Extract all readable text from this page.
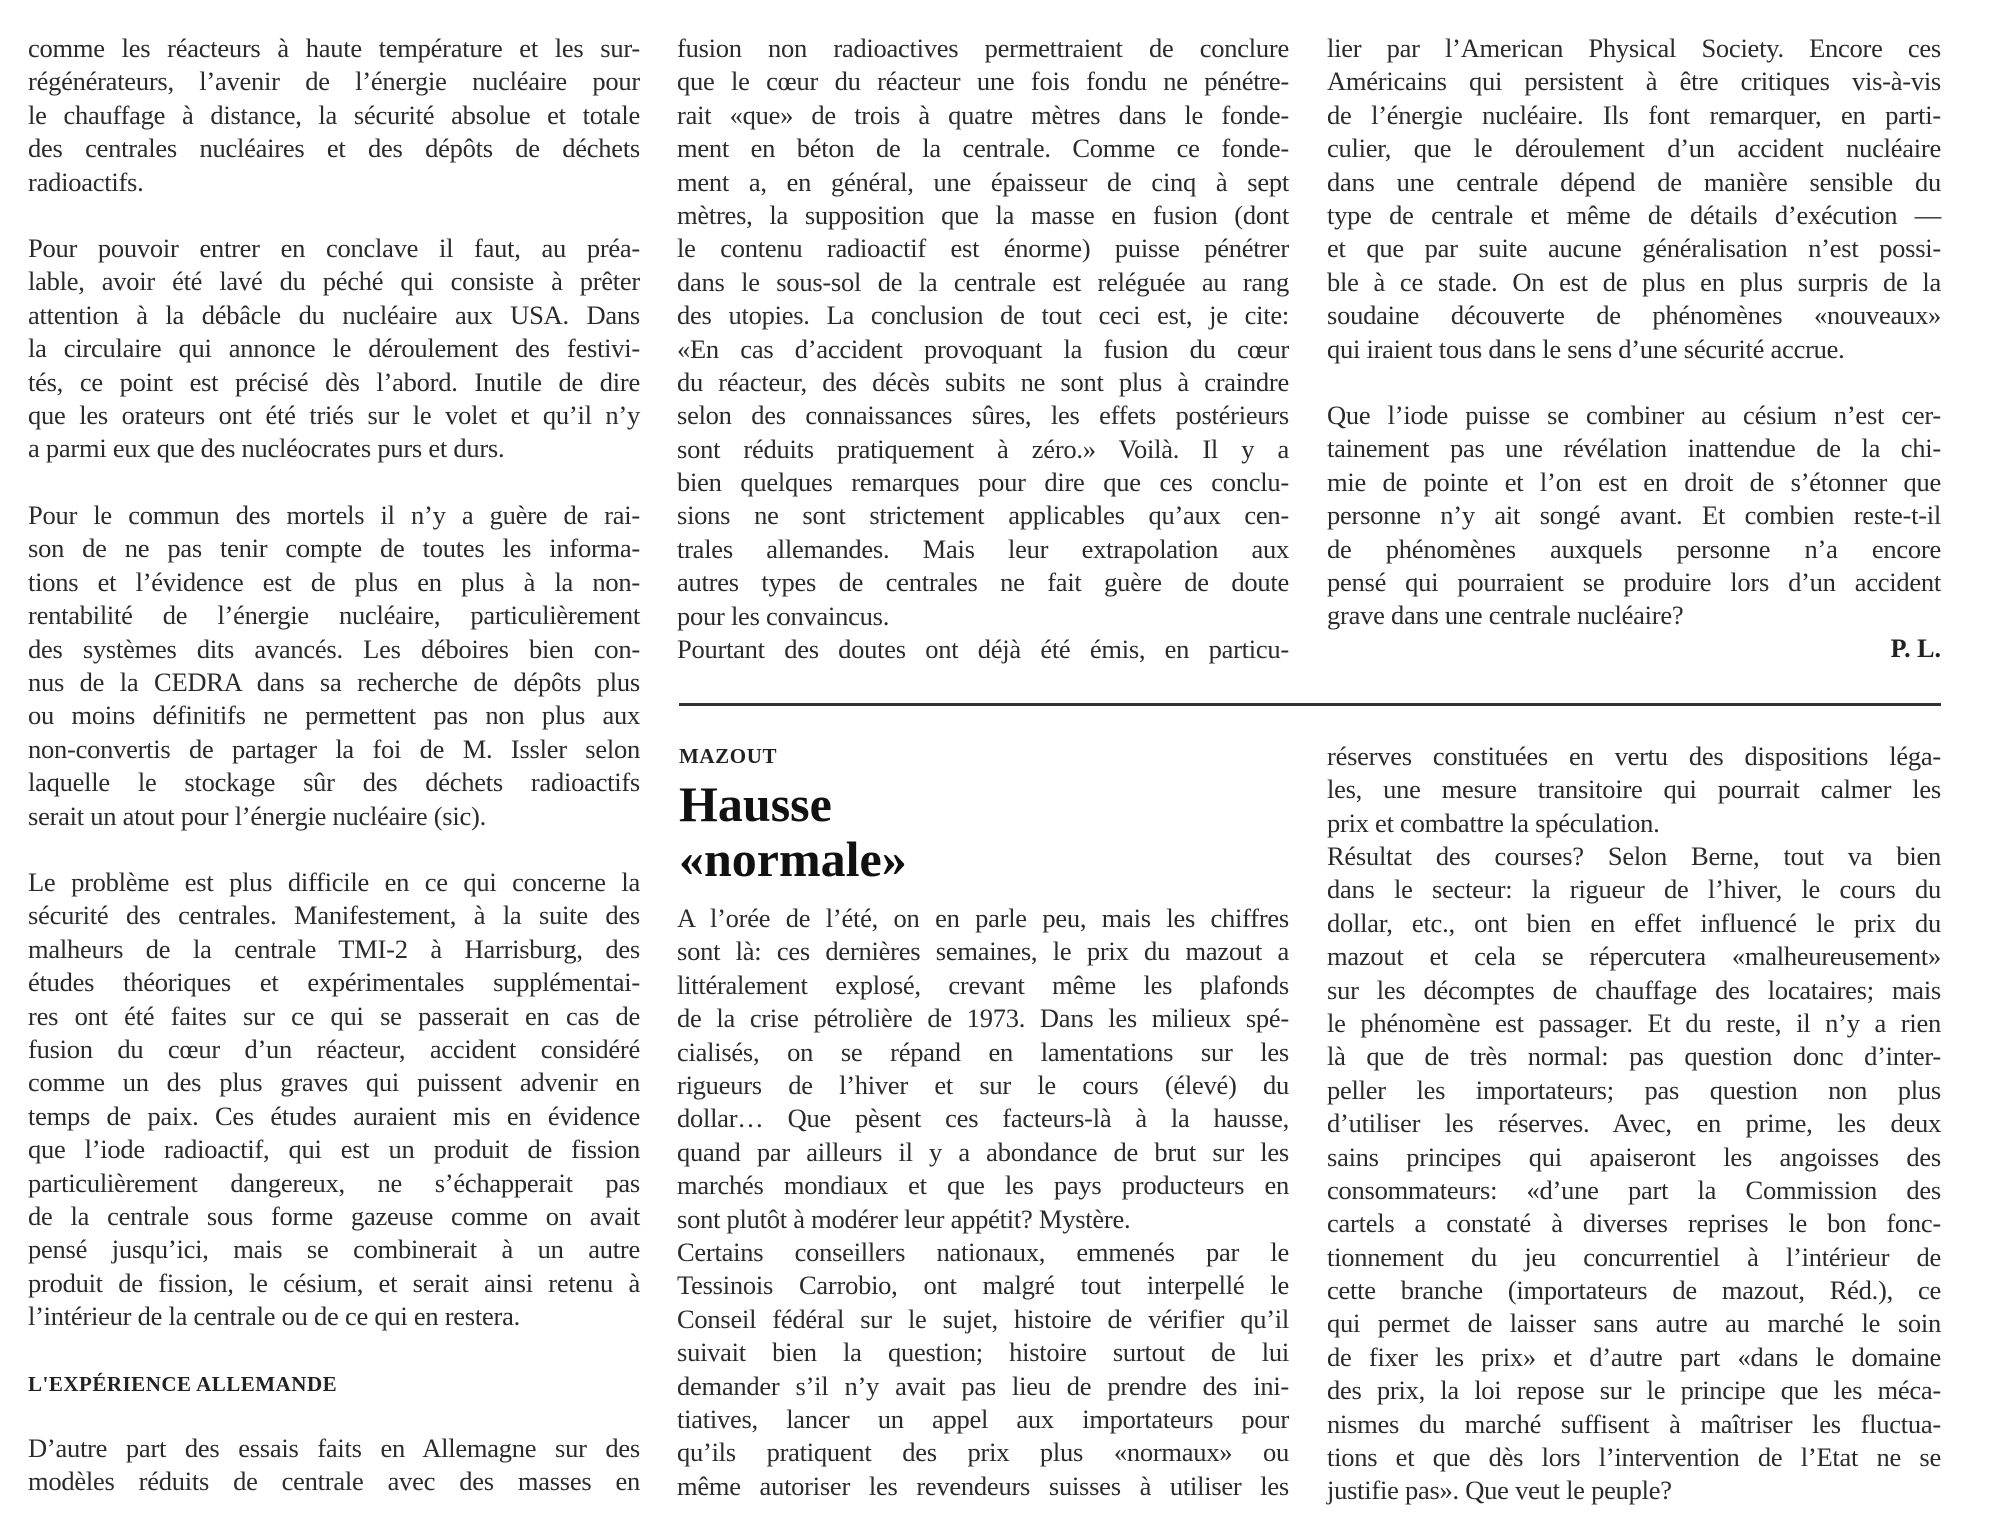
comme les réacteurs à haute température et les sur-
régénérateurs, l’avenir de l’énergie nucléaire pour
le chauffage à distance, la sécurité absolue et totale
des centrales nucléaires et des dépôts de déchets
radioactifs.
Pour pouvoir entrer en conclave il faut, au préa-
lable, avoir été lavé du péché qui consiste à prêter
attention à la débâcle du nucléaire aux USA. Dans
la circulaire qui annonce le déroulement des festivi-
tés, ce point est précisé dès l’abord. Inutile de dire
que les orateurs ont été triés sur le volet et qu’il n’y
a parmi eux que des nucléocrates purs et durs.
Pour le commun des mortels il n’y a guère de rai-
son de ne pas tenir compte de toutes les informa-
tions et l’évidence est de plus en plus à la non-
rentabilité de l’énergie nucléaire, particulièrement
des systèmes dits avancés. Les déboires bien con-
nus de la CEDRA dans sa recherche de dépôts plus
ou moins définitifs ne permettent pas non plus aux
non-convertis de partager la foi de M. Issler selon
laquelle le stockage sûr des déchets radioactifs
serait un atout pour l’énergie nucléaire (sic).
Le problème est plus difficile en ce qui concerne la
sécurité des centrales. Manifestement, à la suite des
malheurs de la centrale TMI-2 à Harrisburg, des
études théoriques et expérimentales supplémentai-
res ont été faites sur ce qui se passerait en cas de
fusion du cœur d’un réacteur, accident considéré
comme un des plus graves qui puissent advenir en
temps de paix. Ces études auraient mis en évidence
que l’iode radioactif, qui est un produit de fission
particulièrement dangereux, ne s’échapperait pas
de la centrale sous forme gazeuse comme on avait
pensé jusqu’ici, mais se combinerait à un autre
produit de fission, le césium, et serait ainsi retenu à
l’intérieur de la centrale ou de ce qui en restera.
L'EXPÉRIENCE ALLEMANDE
D’autre part des essais faits en Allemagne sur des
modèles réduits de centrale avec des masses en
fusion non radioactives permettraient de conclure
que le cœur du réacteur une fois fondu ne pénétre-
rait «que» de trois à quatre mètres dans le fonde-
ment en béton de la centrale. Comme ce fonde-
ment a, en général, une épaisseur de cinq à sept
mètres, la supposition que la masse en fusion (dont
le contenu radioactif est énorme) puisse pénétrer
dans le sous-sol de la centrale est reléguée au rang
des utopies. La conclusion de tout ceci est, je cite:
«En cas d’accident provoquant la fusion du cœur
du réacteur, des décès subits ne sont plus à craindre
selon des connaissances sûres, les effets postérieurs
sont réduits pratiquement à zéro.» Voilà. Il y a
bien quelques remarques pour dire que ces conclu-
sions ne sont strictement applicables qu’aux cen-
trales allemandes. Mais leur extrapolation aux
autres types de centrales ne fait guère de doute
pour les convaincus.
Pourtant des doutes ont déjà été émis, en particu-
MAZOUT
Hausse
«normale»
A l’orée de l’été, on en parle peu, mais les chiffres
sont là: ces dernières semaines, le prix du mazout a
littéralement explosé, crevant même les plafonds
de la crise pétrolière de 1973. Dans les milieux spé-
cialisés, on se répand en lamentations sur les
rigueurs de l’hiver et sur le cours (élevé) du
dollar… Que pèsent ces facteurs-là à la hausse,
quand par ailleurs il y a abondance de brut sur les
marchés mondiaux et que les pays producteurs en
sont plutôt à modérer leur appétit? Mystère.
Certains conseillers nationaux, emmenés par le
Tessinois Carrobio, ont malgré tout interpellé le
Conseil fédéral sur le sujet, histoire de vérifier qu’il
suivait bien la question; histoire surtout de lui
demander s’il n’y avait pas lieu de prendre des ini-
tiatives, lancer un appel aux importateurs pour
qu’ils pratiquent des prix plus «normaux» ou
même autoriser les revendeurs suisses à utiliser les
lier par l’American Physical Society. Encore ces
Américains qui persistent à être critiques vis-à-vis
de l’énergie nucléaire. Ils font remarquer, en parti-
culier, que le déroulement d’un accident nucléaire
dans une centrale dépend de manière sensible du
type de centrale et même de détails d’exécution —
et que par suite aucune généralisation n’est possi-
ble à ce stade. On est de plus en plus surpris de la
soudaine découverte de phénomènes «nouveaux»
qui iraient tous dans le sens d’une sécurité accrue.
Que l’iode puisse se combiner au césium n’est cer-
tainement pas une révélation inattendue de la chi-
mie de pointe et l’on est en droit de s’étonner que
personne n’y ait songé avant. Et combien reste-t-il
de phénomènes auxquels personne n’a encore
pensé qui pourraient se produire lors d’un accident
grave dans une centrale nucléaire?
P. L.
réserves constituées en vertu des dispositions léga-
les, une mesure transitoire qui pourrait calmer les
prix et combattre la spéculation.
Résultat des courses? Selon Berne, tout va bien
dans le secteur: la rigueur de l’hiver, le cours du
dollar, etc., ont bien en effet influencé le prix du
mazout et cela se répercutera «malheureusement»
sur les décomptes de chauffage des locataires; mais
le phénomène est passager. Et du reste, il n’y a rien
là que de très normal: pas question donc d’inter-
peller les importateurs; pas question non plus
d’utiliser les réserves. Avec, en prime, les deux
sains principes qui apaiseront les angoisses des
consommateurs: «d’une part la Commission des
cartels a constaté à diverses reprises le bon fonc-
tionnement du jeu concurrentiel à l’intérieur de
cette branche (importateurs de mazout, Réd.), ce
qui permet de laisser sans autre au marché le soin
de fixer les prix» et d’autre part «dans le domaine
des prix, la loi repose sur le principe que les méca-
nismes du marché suffisent à maîtriser les fluctua-
tions et que dès lors l’intervention de l’Etat ne se
justifie pas». Que veut le peuple?
